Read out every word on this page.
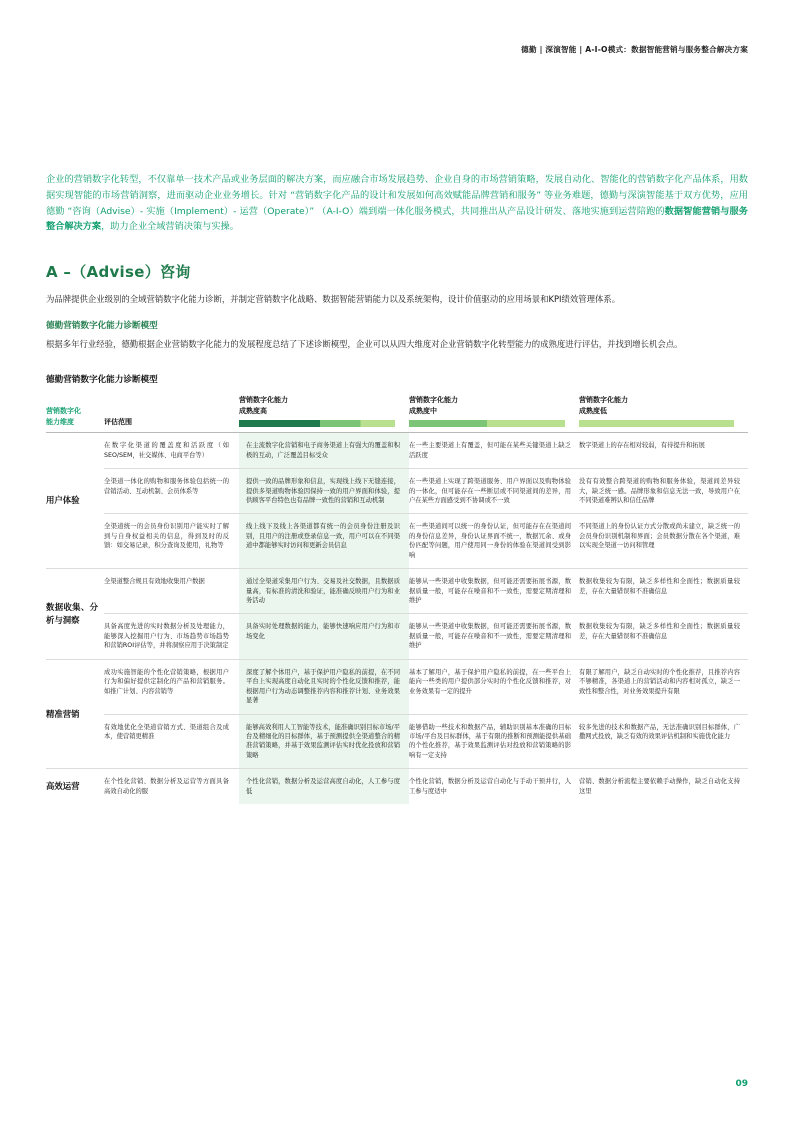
德勤 | 深演智能 | A-I-O模式：数据智能营销与服务整合解决方案

企业的营销数字化转型，不仅靠单一技术产品或业务层面的解决方案，而应融合市场发展趋势、企业自身的市场营销策略，发展自动化、智能化的营销数字化产品体系，用数据实现智能的市场营销洞察，进而驱动企业业务增长。针对 “营销数字化产品的设计和发展如何高效赋能品牌营销和服务” 等业务难题，德勤与深演智能基于双方优势，应用德勤 “咨询（Advise）- 实施（Implement）- 运营（Operate）” （A-I-O）端到端一体化服务模式，共同推出从产品设计研发、落地实施到运营陪跑的数据智能营销与服务整合解决方案，助力企业全域营销决策与实操。

A –（Advise）咨询

为品牌提供企业级别的全域营销数字化能力诊断，并制定营销数字化战略、数据智能营销能力以及系统架构，设计价值驱动的应用场景和KPI绩效管理体系。

德勤营销数字化能力诊断模型

根据多年行业经验，德勤根据企业营销数字化能力的发展程度总结了下述诊断模型，企业可以从四大维度对企业营销数字化转型能力的成熟度进行评估，并找到增长机会点。

德勤营销数字化能力诊断模型
营销数字化
能力维度	评估范围	
营销数字化能力
成熟度高

营销数字化能力
成熟度中

营销数字化能力
成熟度低

用户体验	在数字化渠道的覆盖度和活跃度（如SEO/SEM，社交媒体、电商平台等）	在主流数字化营销和电子商务渠道上有强大的覆盖和积极的互动，广泛覆盖目标受众	在一些主要渠道上有覆盖，但可能在某些关键渠道上缺乏活跃度	数字渠道上的存在相对较弱，有待提升和拓展
	全渠道一体化的购物和服务体验包括统一的营销活动、互动机制、会员体系等	提供一致的品牌形象和信息，实现线上线下无缝连接，提供多渠道购物体验因保持一致的用户界面和体验，提供顾客平台特色也有品牌一致性的营销和互动机制	在一些渠道上实现了跨渠道服务、用户界面以及购物体验的一体化，但可能存在一些断层或不同渠道间的差异，用户在某些方面感受到不协调或不一致	没有有效整合跨渠道的购物和服务体验，渠道间差异较大，缺乏统一感。品牌形象和信息无法一致，导致用户在不同渠道难辨认和信任品牌
	全渠道统一的会员身份识别用户能实时了解到与自身权益相关的信息，得到及时的反馈：如交易记录，积分查询及使用，礼物等	线上线下及线上各渠道都有统一的会员身份注册及识别，且用户的注册或登录信息一致，用户可以在不同渠道中都能够实时访问和更新会员信息	在一些渠道间可以统一的身份认证，但可能存在在渠道间的身份信息差异，身份认证界面不统一，数据冗余、或身份匹配等问题，用户使用同一身份的体验在渠道间受到影响	不同渠道上的身份认证方式分散或尚未建立，缺乏统一的会员身份识别机制和界面；会员数据分散在各个渠道，难以实现全渠道一访问和管理
数据收集、分析与洞察	全渠道整合规且有效地收集用户数据	通过全渠道采集用户行为、交易及社交数据，且数据质量高，有标准的清洗和验证，能准确反映用户行为和业务活动	能够从一些渠道中收集数据，但可能还需要拓展书源，数据质量一般，可能存在噪音和不一致性，需要定期清理和维护	数据收集较为有限，缺乏多样性和全面性；数据质量较差，存在大量错误和不准确信息
	具备高度先进的实时数据分析及处理能力，能够深入挖掘用户行为、市场趋势市场趋势和营销ROI评估等，并将洞察应用于决策制定	具备实时处理数据的能力，能够快速响应用户行为和市场变化	能够从一些渠道中收集数据，但可能还需要拓展书源，数据质量一般，可能存在噪音和不一致性，需要定期清理和维护	数据收集较为有限，缺乏多样性和全面性；数据质量较差，存在大量错误和不准确信息
精准营销	成功实施智能的个性化营销策略，根据用户行为和偏好提供定制化的产品和营销服务。如推广计划、内容营销等	深度了解个体用户，基于保护用户隐私的前提，在不同平台上实现高度自动化且实时的个性化反馈和推荐，能根据用户行为动态调整推荐内容和推荐计划、业务效果显著	基本了解用户，基于保护用户隐私的前提，在一些平台上能向一些类的用户提供部分实时的个性化反馈和推荐，对业务效果有一定的提升	有限了解用户，缺乏自动实时的个性化推荐，且推荐内容不够精准，各渠道上的营销活动和内容相对孤立，缺乏一致性和整合性，对业务效果提升有限
	有效地优化全渠道营销方式、渠道组合及成本，使营销更精准	能够高效利用人工智能等技术，能准确识别目标市场/平台及精细化的目标群体，基于预测提供全渠道整合的精准营销策略，并基于效果监测评估实时优化投放和营销策略	能够借助一些技术和数据产品，辅助识别基本准确的目标市场/平台及目标群体，基于有限的推断和预测能提供基础的个性化推荐，基于效果监测评估对投放和营销策略的影响有一定支持	较多先进的技术和数据产品，无法准确识别目标群体，广撒网式投放，缺乏有效的效果评估机制和实施优化能力
高效运营	在个性化营销、数据分析及运营等方面具备高效自动化的服	个性化营销，数据分析及运营高度自动化，人工参与度低	个性化营销，数据分析及运营自动化与手动干预并行，人工参与度适中	营销、数据分析流程主要依赖手动操作，缺乏自动化支持这里
09
